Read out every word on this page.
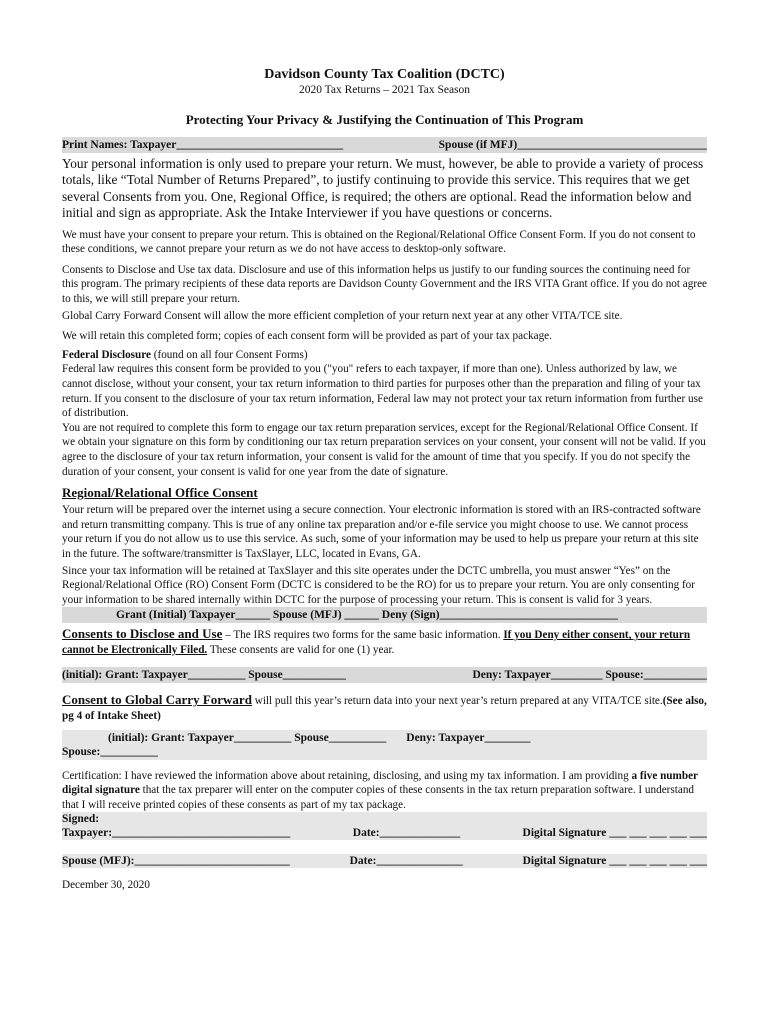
Davidson County Tax Coalition (DCTC)
2020 Tax Returns – 2021 Tax Season
Protecting Your Privacy & Justifying the Continuation of This Program
Print Names: Taxpayer_____________________________	Spouse (if MFJ)_________________________________

Your personal information is only used to prepare your return. We must, however, be able to provide a variety of process totals, like “Total Number of Returns Prepared”, to justify continuing to provide this service. This requires that we get several Consents from you. One, Regional Office, is required; the others are optional. Read the information below and initial and sign as appropriate. Ask the Intake Interviewer if you have questions or concerns.

We must have your consent to prepare your return. This is obtained on the Regional/Relational Office Consent Form. If you do not consent to these conditions, we cannot prepare your return as we do not have access to desktop-only software.

Consents to Disclose and Use tax data. Disclosure and use of this information helps us justify to our funding sources the continuing need for this program. The primary recipients of these data reports are Davidson County Government and the IRS VITA Grant office. If you do not agree to this, we will still prepare your return.

Global Carry Forward Consent will allow the more efficient completion of your return next year at any other VITA/TCE site.

We will retain this completed form; copies of each consent form will be provided as part of your tax package.

Federal Disclosure (found on all four Consent Forms)

Federal law requires this consent form be provided to you ("you" refers to each taxpayer, if more than one). Unless authorized by law, we cannot disclose, without your consent, your tax return information to third parties for purposes other than the preparation and filing of your tax return. If you consent to the disclosure of your tax return information, Federal law may not protect your tax return information from further use of distribution.

You are not required to complete this form to engage our tax return preparation services, except for the Regional/Relational Office Consent. If we obtain your signature on this form by conditioning our tax return preparation services on your consent, your consent will not be valid. If you agree to the disclosure of your tax return information, your consent is valid for the amount of time that you specify. If you do not specify the duration of your consent, your consent is valid for one year from the date of signature.

Regional/Relational Office Consent

Your return will be prepared over the internet using a secure connection. Your electronic information is stored with an IRS-contracted software and return transmitting company. This is true of any online tax preparation and/or e-file service you might choose to use. We cannot process your return if you do not allow us to use this service. As such, some of your information may be used to help us prepare your return at this site in the future. The software/transmitter is TaxSlayer, LLC, located in Evans, GA.

Since your tax information will be retained at TaxSlayer and this site operates under the DCTC umbrella, you must answer “Yes” on the Regional/Relational Office (RO) Consent Form (DCTC is considered to be the RO) for us to prepare your return. You are only consenting for your information to be shared internally within DCTC for the purpose of processing your return. This is consent is valid for 3 years.

Grant (Initial) Taxpayer______ Spouse (MFJ) ______ Deny (Sign)_______________________________

Consents to Disclose and Use – The IRS requires two forms for the same basic information. If you Deny either consent, your return cannot be Electronically Filed. These consents are valid for one (1) year.

(initial): Grant: Taxpayer__________ Spouse___________	Deny: Taxpayer_________ Spouse:___________

Consent to Global Carry Forward will pull this year’s return data into your next year’s return prepared at any VITA/TCE site.(See also, pg 4 of Intake Sheet)

(initial): Grant: Taxpayer__________ Spouse__________ Deny: Taxpayer________
Spouse:__________

Certification: I have reviewed the information above about retaining, disclosing, and using my tax information. I am providing a five number digital signature that the tax preparer will enter on the computer copies of these consents in the tax return preparation software. I understand that I will receive printed copies of these consents as part of my tax package.

Signed:
Taxpayer:_______________________________	Date:______________	Digital Signature ___ ___ ___ ___ ___
Spouse (MFJ):___________________________	Date:_______________	Digital Signature ___ ___ ___ ___ ___
December 30, 2020
